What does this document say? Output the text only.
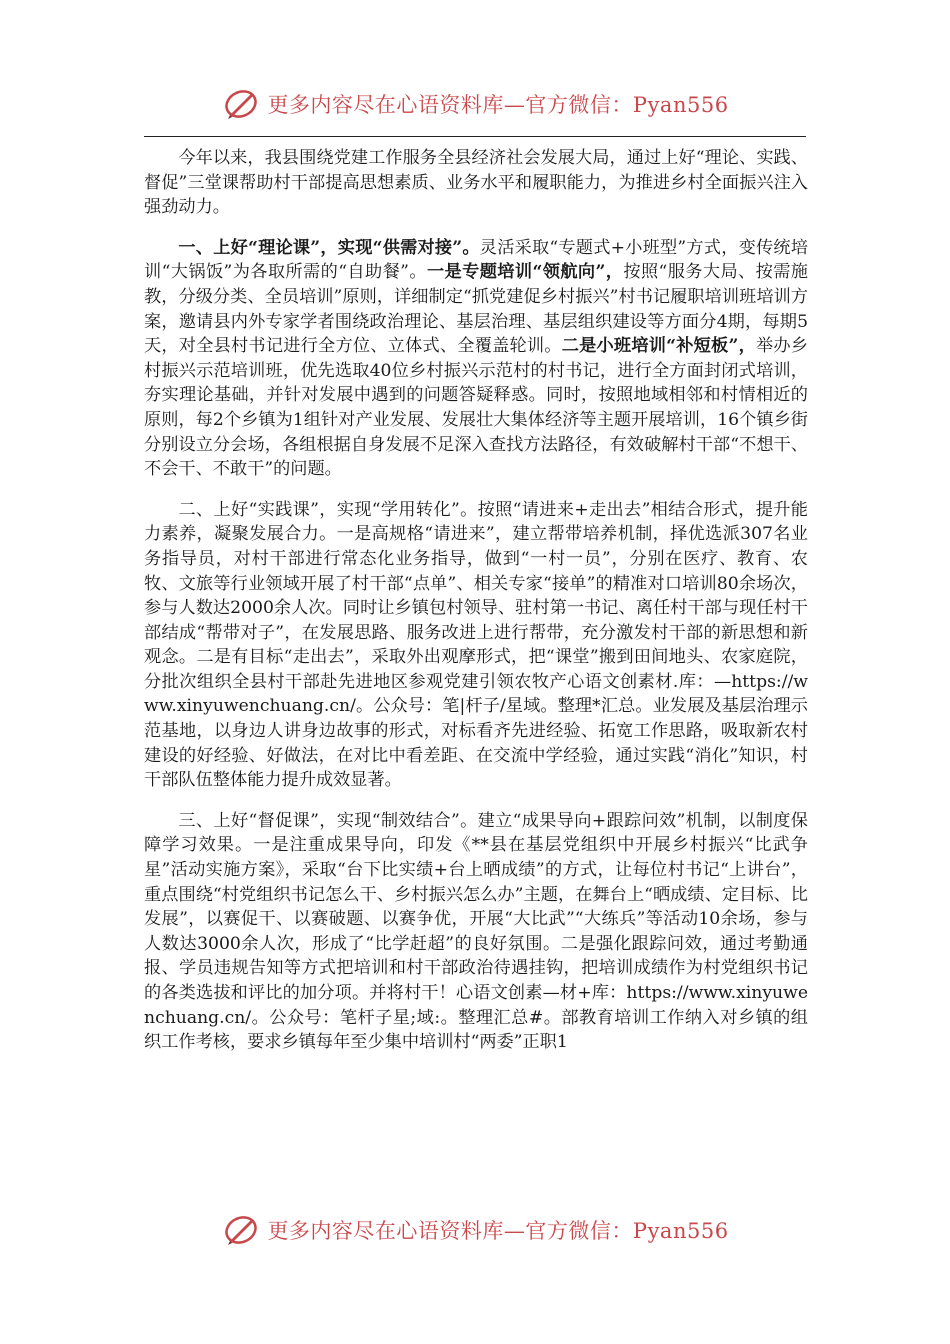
更多内容尽在心语资料库—官方微信：Pyan556

今年以来，我县围绕党建工作服务全县经济社会发展大局，通过上好“理论、实践、督促”三堂课帮助村干部提高思想素质、业务水平和履职能力，为推进乡村全面振兴注入强劲动力。

一、上好“理论课”，实现“供需对接”。灵活采取“专题式+小班型”方式，变传统培训“大锅饭”为各取所需的“自助餐”。一是专题培训“领航向”，按照“服务大局、按需施教，分级分类、全员培训”原则，详细制定“抓党建促乡村振兴”村书记履职培训班培训方案，邀请县内外专家学者围绕政治理论、基层治理、基层组织建设等方面分4期，每期5天，对全县村书记进行全方位、立体式、全覆盖轮训。二是小班培训“补短板”，举办乡村振兴示范培训班，优先选取40位乡村振兴示范村的村书记，进行全方面封闭式培训，夯实理论基础，并针对发展中遇到的问题答疑释惑。同时，按照地域相邻和村情相近的原则，每2个乡镇为1组针对产业发展、发展壮大集体经济等主题开展培训，16个镇乡街分别设立分会场，各组根据自身发展不足深入查找方法路径，有效破解村干部“不想干、不会干、不敢干”的问题。

二、上好“实践课”，实现“学用转化”。按照“请进来+走出去”相结合形式，提升能力素养，凝聚发展合力。一是高规格“请进来”，建立帮带培养机制，择优选派307名业务指导员，对村干部进行常态化业务指导，做到“一村一员”，分别在医疗、教育、农牧、文旅等行业领域开展了村干部“点单”、相关专家“接单”的精准对口培训80余场次，参与人数达2000余人次。同时让乡镇包村领导、驻村第一书记、离任村干部与现任村干部结成“帮带对子”，在发展思路、服务改进上进行帮带，充分激发村干部的新思想和新观念。二是有目标“走出去”，采取外出观摩形式，把“课堂”搬到田间地头、农家庭院，分批次组织全县村干部赴先进地区参观党建引领农牧产心语文创素材.库：—https://www.xinyuwenchuang.cn/。公众号：笔|杆子/星域。整理*汇总。业发展及基层治理示范基地，以身边人讲身边故事的形式，对标看齐先进经验、拓宽工作思路，吸取新农村建设的好经验、好做法，在对比中看差距、在交流中学经验，通过实践“消化”知识，村干部队伍整体能力提升成效显著。

三、上好“督促课”，实现“制效结合”。建立“成果导向+跟踪问效”机制，以制度保障学习效果。一是注重成果导向，印发《**县在基层党组织中开展乡村振兴“比武争星”活动实施方案》，采取“台下比实绩+台上晒成绩”的方式，让每位村书记“上讲台”，重点围绕“村党组织书记怎么干、乡村振兴怎么办”主题，在舞台上“晒成绩、定目标、比发展”，以赛促干、以赛破题、以赛争优，开展“大比武”“大练兵”等活动10余场，参与人数达3000余人次，形成了“比学赶超”的良好氛围。二是强化跟踪问效，通过考勤通报、学员违规告知等方式把培训和村干部政治待遇挂钩，把培训成绩作为村党组织书记的各类选拔和评比的加分项。并将村干！心语文创素—材+库：https://www.xinyuwenchuang.cn/。公众号：笔杆子星;域:。整理汇总#。部教育培训工作纳入对乡镇的组织工作考核，要求乡镇每年至少集中培训村“两委”正职1

更多内容尽在心语资料库—官方微信：Pyan556
